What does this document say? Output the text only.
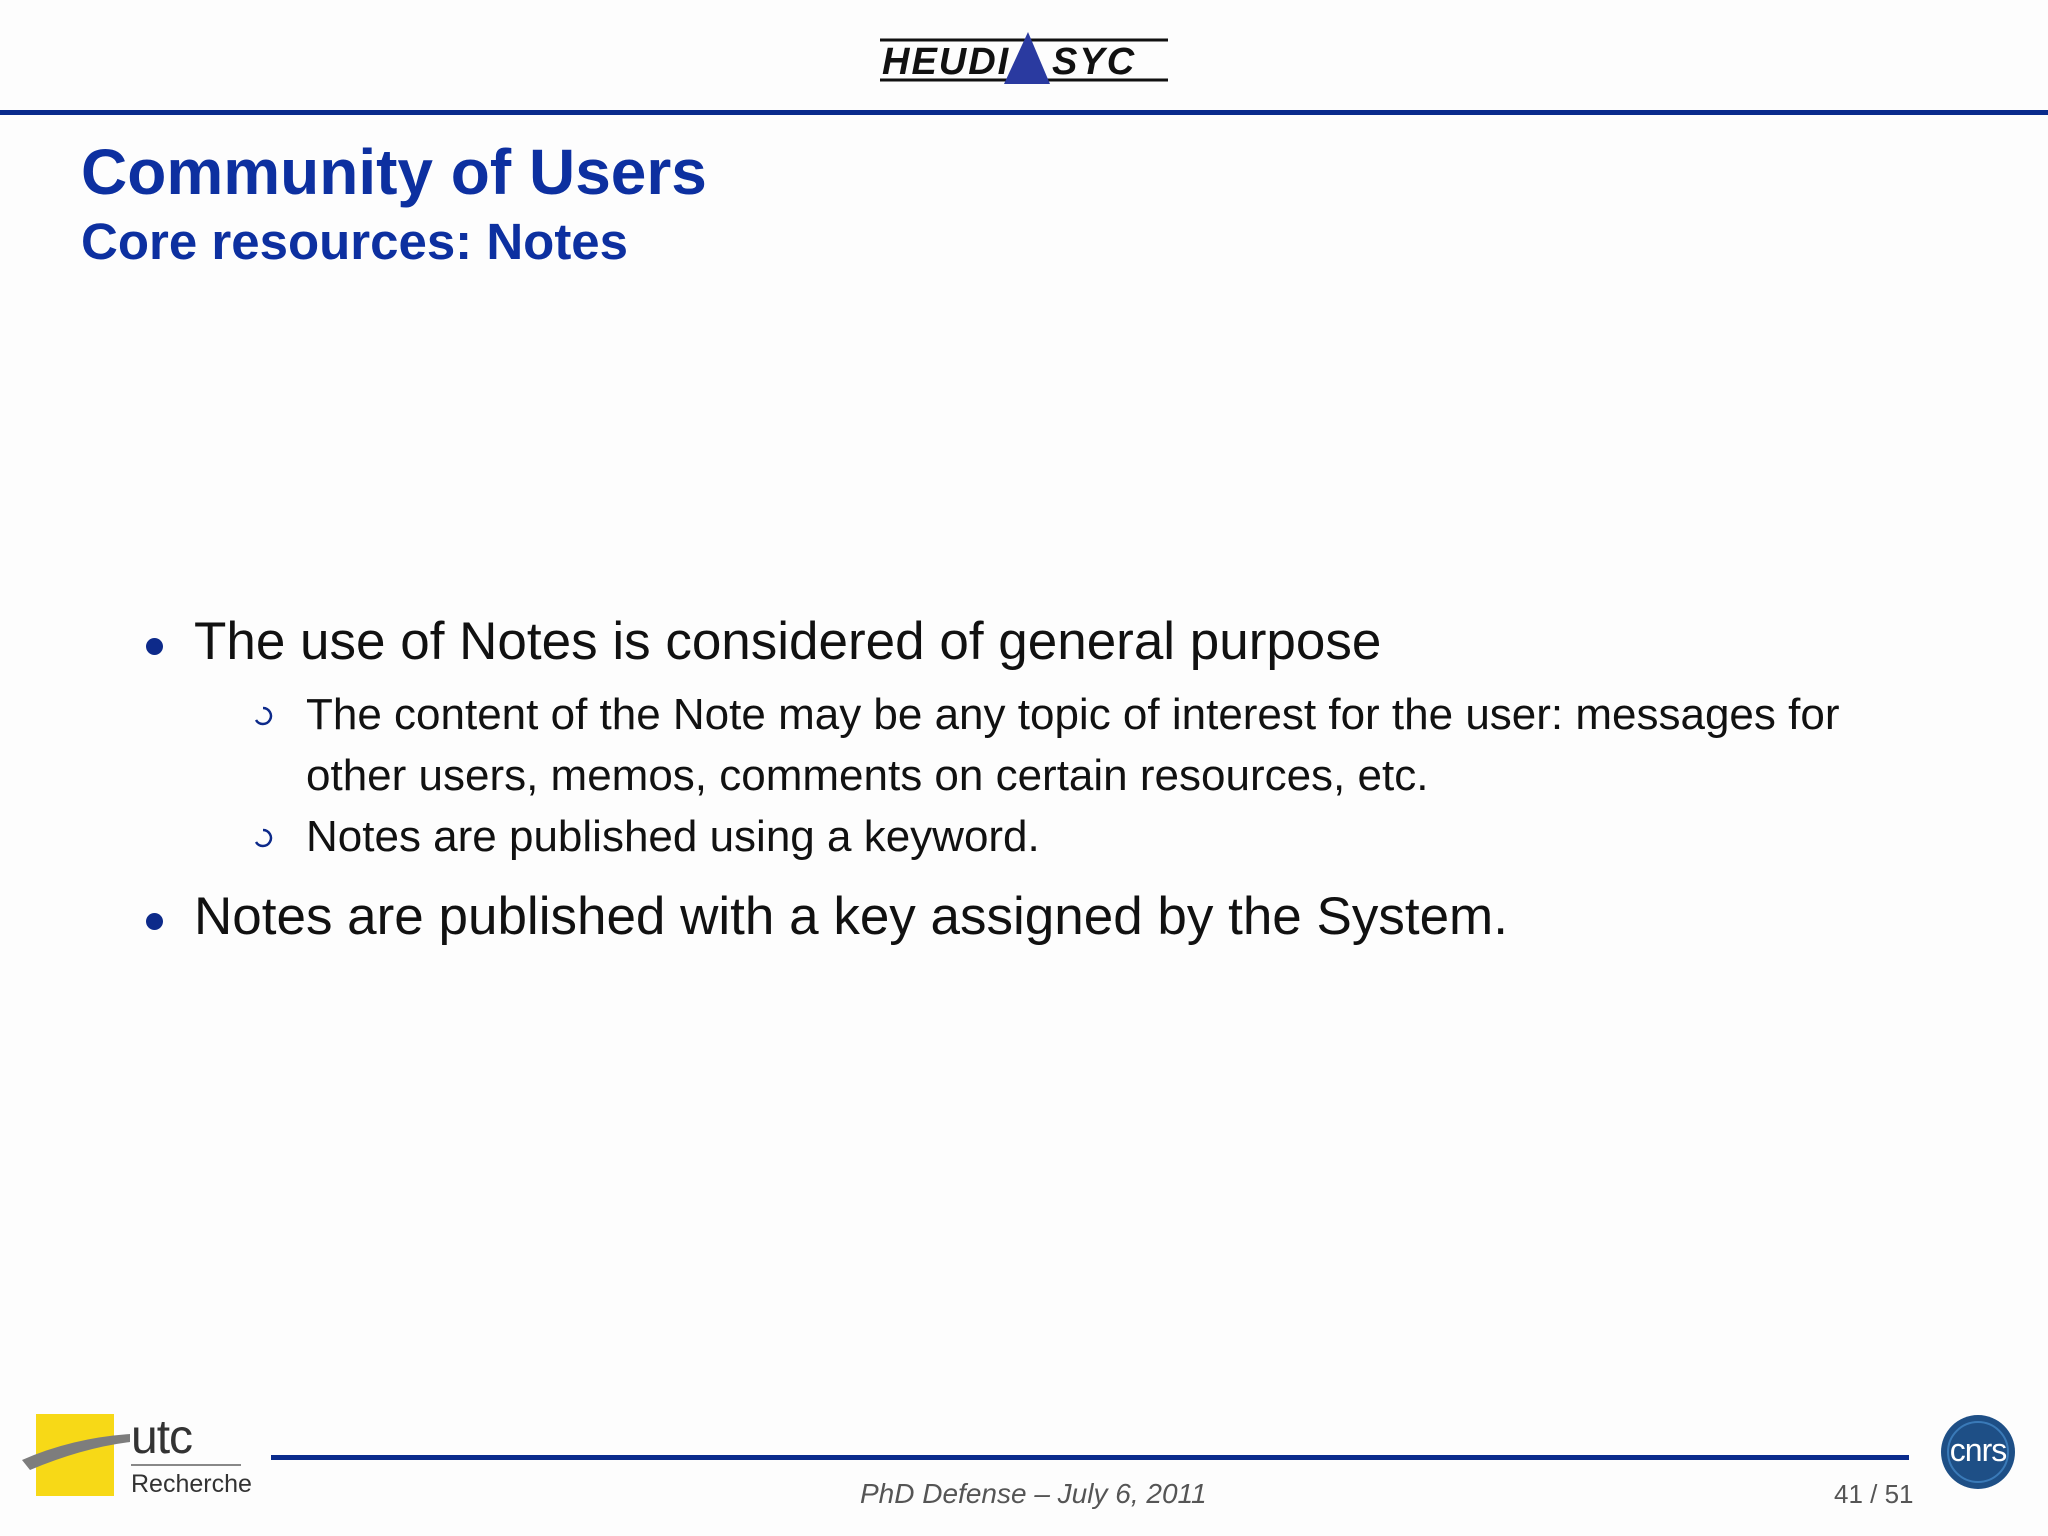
HEUDI SYC
Community of Users
Core resources: Notes
The use of Notes is considered of general purpose
The content of the Note may be any topic of interest for the user: messages for other users, memos, comments on certain resources, etc.
Notes are published using a keyword.
Notes are published with a key assigned by the System.
utc
Recherche	PhD Defense – July 6, 2011	41 / 51
cnrs
